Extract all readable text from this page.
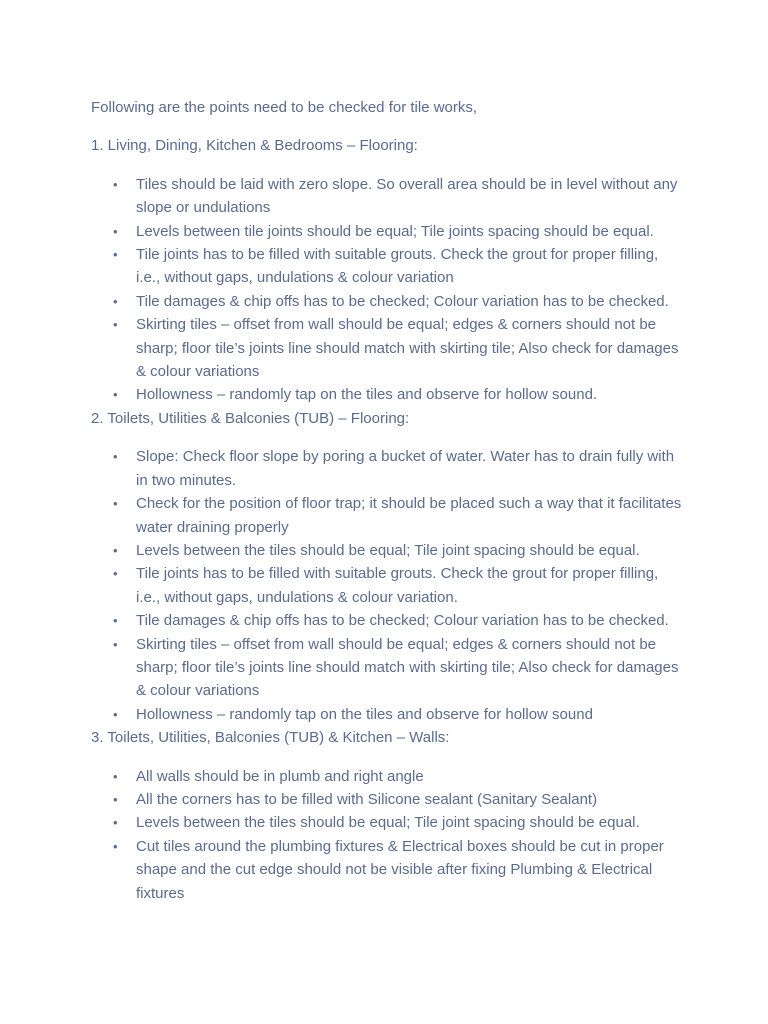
Following are the points need to be checked for tile works,

1. Living, Dining, Kitchen & Bedrooms – Flooring:

• Tiles should be laid with zero slope. So overall area should be in level without any slope or undulations
• Levels between tile joints should be equal; Tile joints spacing should be equal.
• Tile joints has to be filled with suitable grouts. Check the grout for proper filling, i.e., without gaps, undulations & colour variation
• Tile damages & chip offs has to be checked; Colour variation has to be checked.
• Skirting tiles – offset from wall should be equal; edges & corners should not be sharp; floor tile’s joints line should match with skirting tile; Also check for damages & colour variations
• Hollowness – randomly tap on the tiles and observe for hollow sound.

2. Toilets, Utilities & Balconies (TUB) – Flooring:

• Slope: Check floor slope by poring a bucket of water. Water has to drain fully with in two minutes.
• Check for the position of floor trap; it should be placed such a way that it facilitates water draining properly
• Levels between the tiles should be equal; Tile joint spacing should be equal.
• Tile joints has to be filled with suitable grouts. Check the grout for proper filling, i.e., without gaps, undulations & colour variation.
• Tile damages & chip offs has to be checked; Colour variation has to be checked.
• Skirting tiles – offset from wall should be equal; edges & corners should not be sharp; floor tile’s joints line should match with skirting tile; Also check for damages & colour variations
• Hollowness – randomly tap on the tiles and observe for hollow sound

3. Toilets, Utilities, Balconies (TUB) & Kitchen – Walls:

• All walls should be in plumb and right angle
• All the corners has to be filled with Silicone sealant (Sanitary Sealant)
• Levels between the tiles should be equal; Tile joint spacing should be equal.
• Cut tiles around the plumbing fixtures & Electrical boxes should be cut in proper shape and the cut edge should not be visible after fixing Plumbing & Electrical fixtures
